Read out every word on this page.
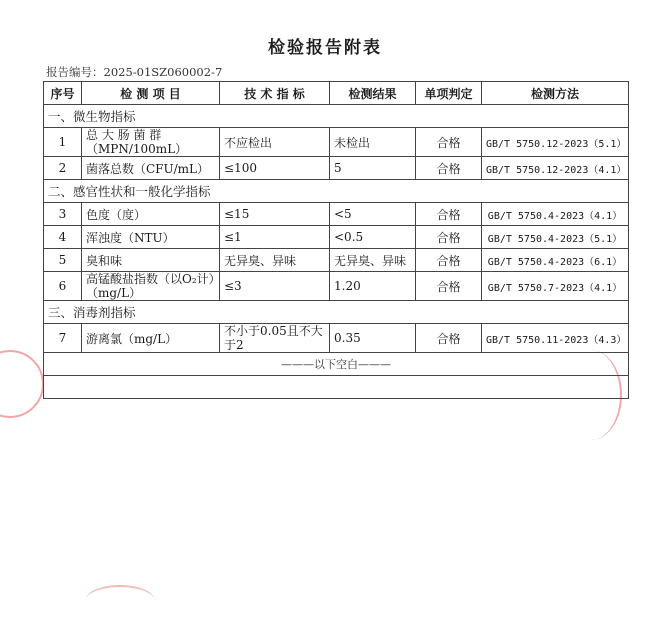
检验报告附表
报告编号：2025-01SZ060002-7
序号	检 测 项 目	技 术 指 标	检测结果	单项判定	检测方法
一、微生物指标					
1	总 大 肠 菌 群（MPN/100mL）	不应检出	未检出	合格	GB/T 5750.12-2023（5.1）
2	菌落总数（CFU/mL）	≤100	5	合格	GB/T 5750.12-2023（4.1）
二、感官性状和一般化学指标					
3	色度（度）	≤15	<5	合格	GB/T 5750.4-2023（4.1）
4	浑浊度（NTU）	≤1	<0.5	合格	GB/T 5750.4-2023（5.1）
5	臭和味	无异臭、异味	无异臭、异味	合格	GB/T 5750.4-2023（6.1）
6	高锰酸盐指数（以O₂计）（mg/L）	≤3	1.20	合格	GB/T 5750.7-2023（4.1）
三、消毒剂指标					
7	游离氯（mg/L）	不小于0.05且不大于2	0.35	合格	GB/T 5750.11-2023（4.3）
———以下空白———					
